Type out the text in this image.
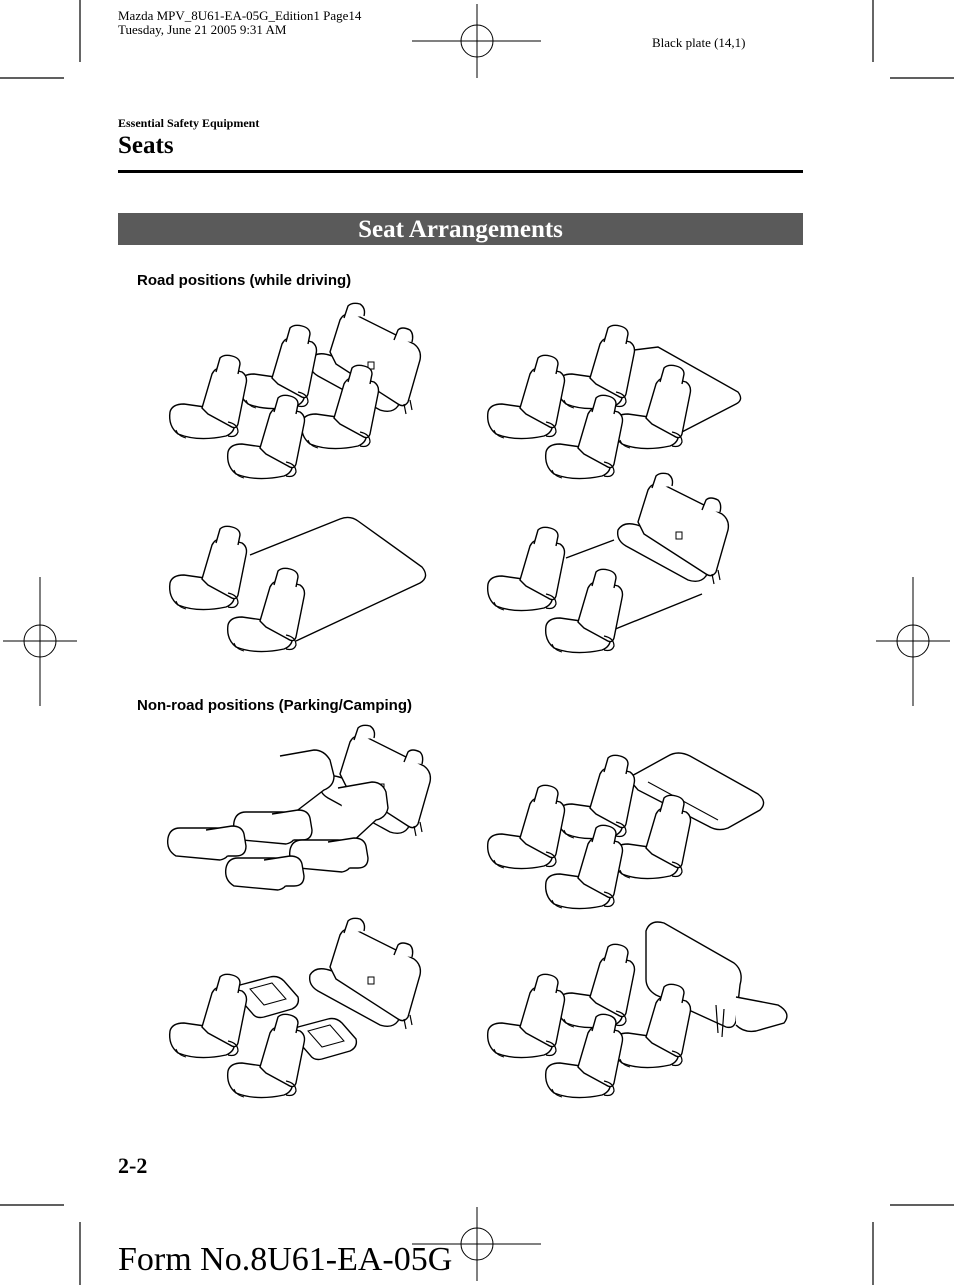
Mazda MPV_8U61-EA-05G_Edition1 Page14
Tuesday, June 21 2005 9:31 AM
Black plate (14,1)
Essential Safety Equipment
Seats
Seat Arrangements
Road positions (while driving)
Non-road positions (Parking/Camping)
2-2
Form No.8U61-EA-05G
